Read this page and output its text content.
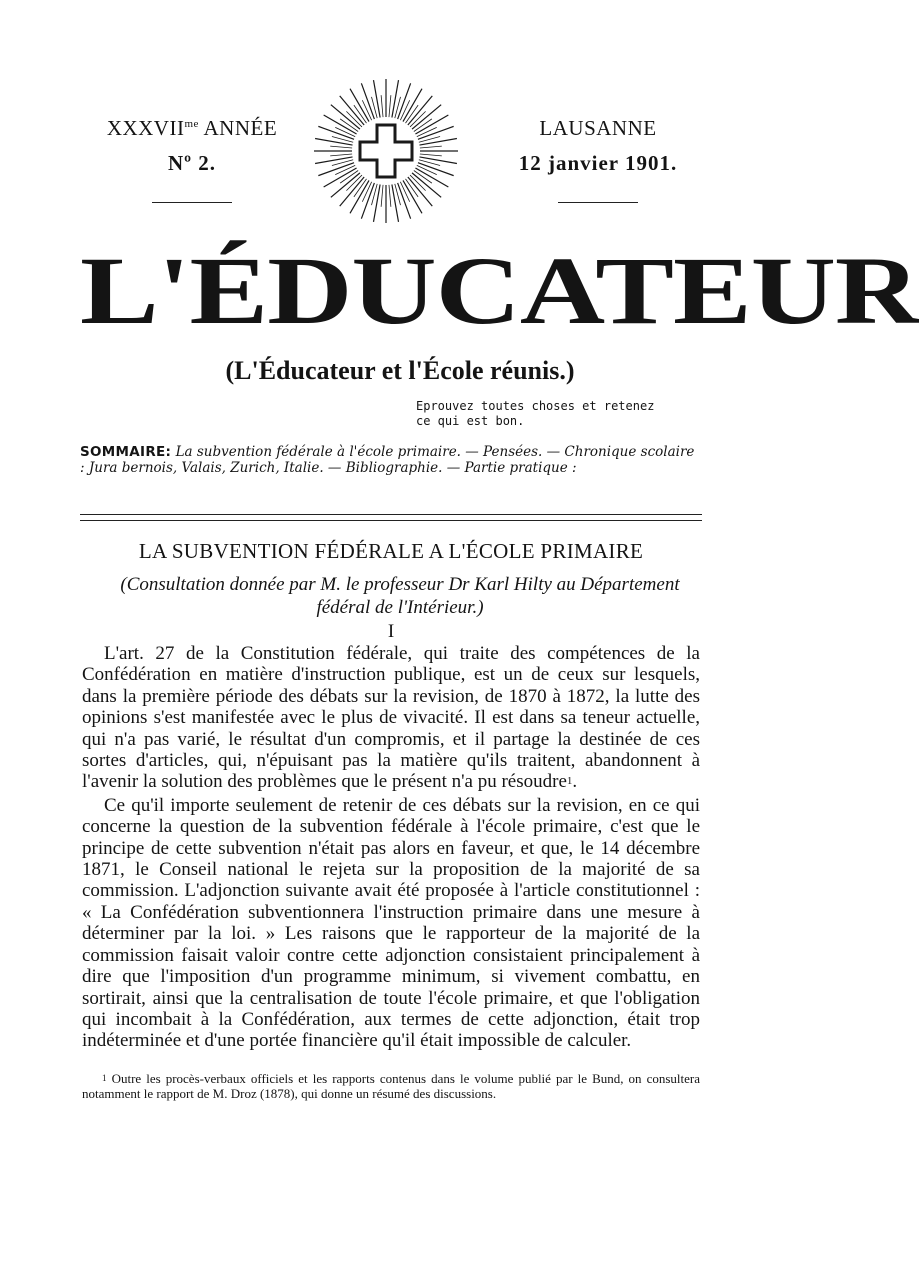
$XXXVII^{me}$ ANNÉE
Nº 2.
LAUSANNE
12 janvier 1901.
L'ÉDUCATEUR
(L'Éducateur et l'École réunis.)
Eprouvez toutes choses et retenez
ce qui est bon.
SOMMAIRE: La subvention fédérale à l'école primaire. — Pensées. — Chronique scolaire : Jura bernois, Valais, Zurich, Italie. — Bibliographie. — Partie pratique :
LA SUBVENTION FÉDÉRALE A L'ÉCOLE PRIMAIRE
(Consultation donnée par M. le professeur Dr Karl Hilty au Département fédéral de l'Intérieur.)
I

L'art. 27 de la Constitution fédérale, qui traite des compétences de la Confédération en matière d'instruction publique, est un de ceux sur lesquels, dans la première période des débats sur la revision, de 1870 à 1872, la lutte des opinions s'est manifestée avec le plus de vivacité. Il est dans sa teneur actuelle, qui n'a pas varié, le résultat d'un compromis, et il partage la destinée de ces sortes d'articles, qui, n'épuisant pas la matière qu'ils traitent, abandonnent à l'avenir la solution des problèmes que le présent n'a pu résoudre$^1$.

Ce qu'il importe seulement de retenir de ces débats sur la revision, en ce qui concerne la question de la subvention fédérale à l'école primaire, c'est que le principe de cette subvention n'était pas alors en faveur, et que, le 14 décembre 1871, le Conseil national le rejeta sur la proposition de la majorité de sa commission. L'adjonction suivante avait été proposée à l'article constitutionnel : « La Confédération subventionnera l'instruction primaire dans une mesure à déterminer par la loi. » Les raisons que le rapporteur de la majorité de la commission faisait valoir contre cette adjonction consistaient principalement à dire que l'imposition d'un programme minimum, si vivement combattu, en sortirait, ainsi que la centralisation de toute l'école primaire, et que l'obligation qui incombait à la Confédération, aux termes de cette adjonction, était trop indéterminée et d'une portée financière qu'il était impossible de calculer.

$^1$ Outre les procès-verbaux officiels et les rapports contenus dans le volume publié par le Bund, on consultera notamment le rapport de M. Droz (1878), qui donne un résumé des discussions.
